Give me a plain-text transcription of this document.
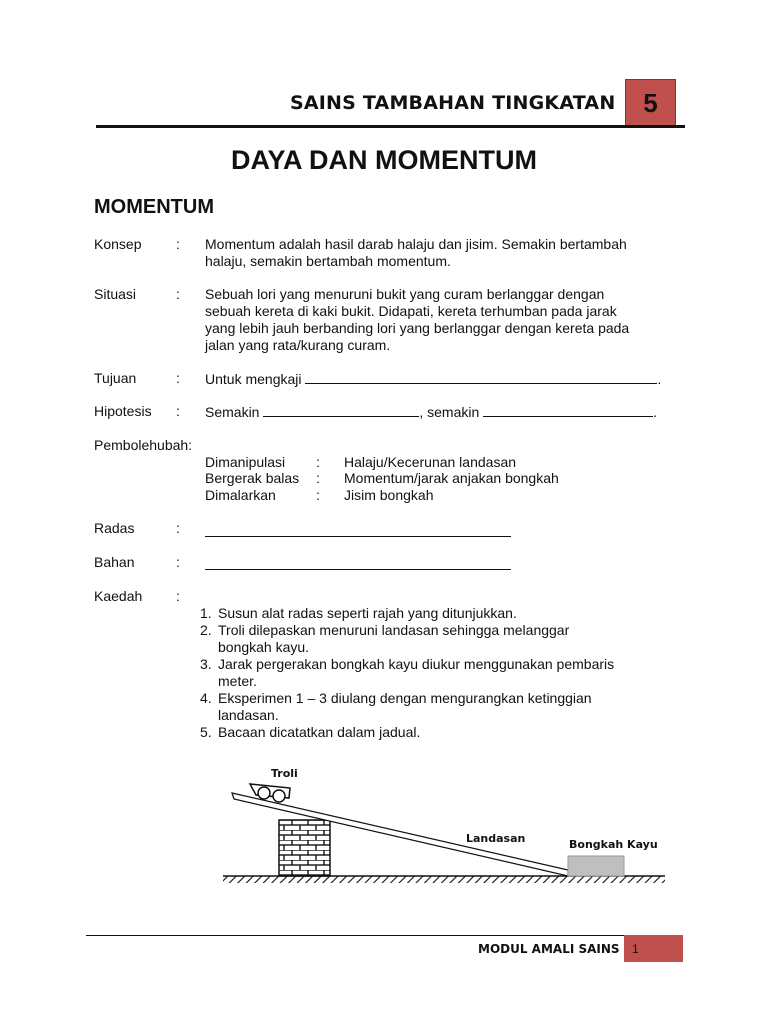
SAINS TAMBAHAN TINGKATAN 5
DAYA DAN MOMENTUM
MOMENTUM
Konsep : Momentum adalah hasil darab halaju dan jisim. Semakin bertambah
halaju, semakin bertambah momentum.
Situasi	: Sebuah lori yang menuruni bukit yang curam berlanggar dengan
sebuah kereta di kaki bukit. Didapati, kereta terhumban pada jarak
yang lebih jauh berbanding lori yang berlanggar dengan kereta pada
jalan yang rata/kurang curam.
Tujuan	: Untuk mengkaji	.
Hipotesis : Semakin	, semakin	.
Pembolehubah:
Dimanipulasi : Halaju/Kecerunan landasan
Bergerak balas : Momentum/jarak anjakan bongkah
Dimalarkan	: Jisim bongkah
Radas	:
Bahan	:
Kaedah :
1. Susun alat radas seperti rajah yang ditunjukkan.
2. Troli dilepaskan menuruni landasan sehingga melanggar
bongkah kayu.
3. Jarak pergerakan bongkah kayu diukur menggunakan pembaris
meter.
4. Eksperimen 1 – 3 diulang dengan mengurangkan ketinggian
landasan.
5. Bacaan dicatatkan dalam jadual.
Troli
Landasan	Bongkah Kayu
MODUL AMALI SAINS	1
